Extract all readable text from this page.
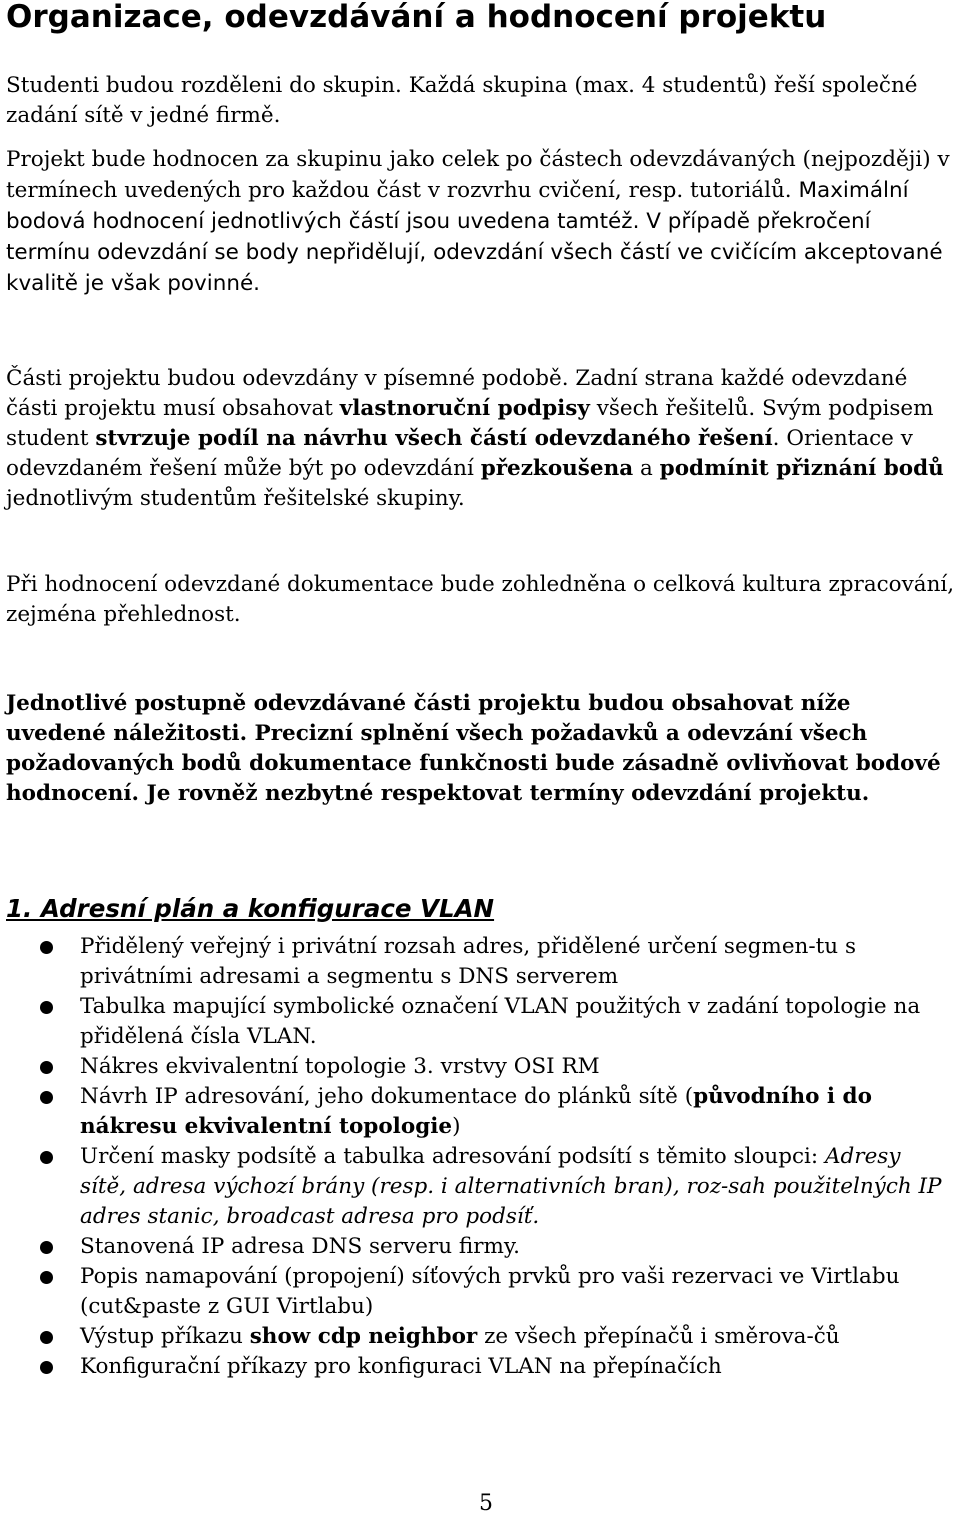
Organizace, odevzdávání a hodnocení projektu

Studenti budou rozděleni do skupin. Každá skupina (max. 4 studentů) řeší společné zadání sítě v jedné firmě.

Projekt bude hodnocen za skupinu jako celek po částech odevzdávaných (nejpozději) v termínech uvedených pro každou část v rozvrhu cvičení, resp. tutoriálů. Maximální bodová hodnocení jednotlivých částí jsou uvedena tamtéž. V případě překročení termínu odevzdání se body nepřidělují, odevzdání všech částí ve cvičícím akceptované kvalitě je však povinné.

Části projektu budou odevzdány v písemné podobě. Zadní strana každé odevzdané části projektu musí obsahovat vlastnoruční podpisy všech řešitelů. Svým podpisem student stvrzuje podíl na návrhu všech částí odevzdaného řešení. Orientace v odevzdaném řešení může být po odevzdání přezkoušena a podmínit přiznání bodů jednotlivým studentům řešitelské skupiny.

Při hodnocení odevzdané dokumentace bude zohledněna o celková kultura zpracování, zejména přehlednost.

Jednotlivé postupně odevzdávané části projektu budou obsahovat níže uvedené náležitosti. Precizní splnění všech požadavků a odevzání všech požadovaných bodů dokumentace funkčnosti bude zásadně ovlivňovat bodové hodnocení. Je rovněž nezbytné respektovat termíny odevzdání projektu.

1. Adresní plán a konfigurace VLAN
Přidělený veřejný i privátní rozsah adres, přidělené určení segmen-tu s privátními adresami a segmentu s DNS serverem
Tabulka mapující symbolické označení VLAN použitých v zadání topologie na přidělená čísla VLAN.
Nákres ekvivalentní topologie 3. vrstvy OSI RM
Návrh IP adresování, jeho dokumentace do plánků sítě (původního i do nákresu ekvivalentní topologie)
Určení masky podsítě a tabulka adresování podsítí s těmito sloupci: Adresy sítě, adresa výchozí brány (resp. i alternativních bran), roz-sah použitelných IP adres stanic, broadcast adresa pro podsíť.
Stanovená IP adresa DNS serveru firmy.
Popis namapování (propojení) síťových prvků pro vaši rezervaci ve Virtlabu (cut&paste z GUI Virtlabu)
Výstup příkazu show cdp neighbor ze všech přepínačů i směrova-čů
Konfigurační příkazy pro konfiguraci VLAN na přepínačích

5
